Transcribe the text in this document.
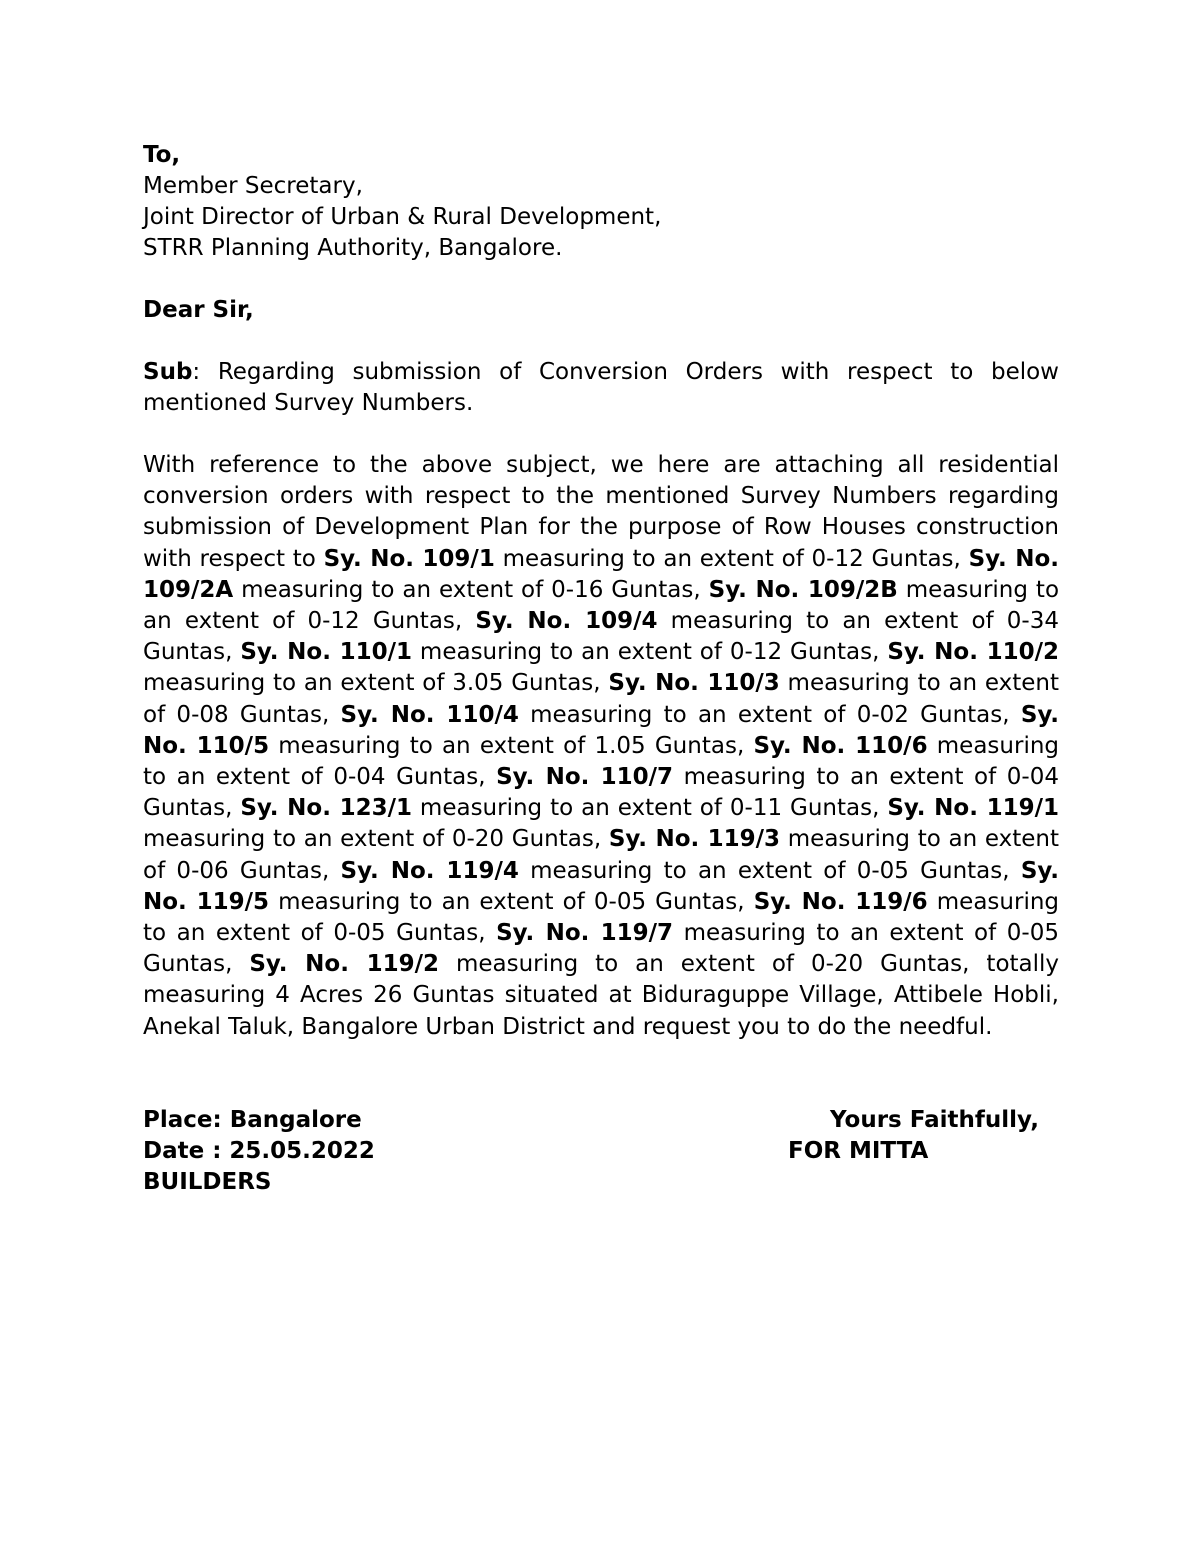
To,
Member Secretary,
Joint Director of Urban & Rural Development,
STRR Planning Authority, Bangalore.
Dear Sir,
Sub: Regarding submission of Conversion Orders with respect to below mentioned Survey Numbers.
With reference to the above subject, we here are attaching all residential conversion orders with respect to the mentioned Survey Numbers regarding submission of Development Plan for the purpose of Row Houses construction with respect to Sy. No. 109/1 measuring to an extent of 0-12 Guntas, Sy. No. 109/2A measuring to an extent of 0-16 Guntas, Sy. No. 109/2B measuring to an extent of 0-12 Guntas, Sy. No. 109/4 measuring to an extent of 0-34 Guntas, Sy. No. 110/1 measuring to an extent of 0-12 Guntas, Sy. No. 110/2 measuring to an extent of 3.05 Guntas, Sy. No. 110/3 measuring to an extent of 0-08 Guntas, Sy. No. 110/4 measuring to an extent of 0-02 Guntas, Sy. No. 110/5 measuring to an extent of 1.05 Guntas, Sy. No. 110/6 measuring to an extent of 0-04 Guntas, Sy. No. 110/7 measuring to an extent of 0-04 Guntas, Sy. No. 123/1 measuring to an extent of 0-11 Guntas, Sy. No. 119/1 measuring to an extent of 0-20 Guntas, Sy. No. 119/3 measuring to an extent of 0-06 Guntas, Sy. No. 119/4 measuring to an extent of 0-05 Guntas, Sy. No. 119/5 measuring to an extent of 0-05 Guntas, Sy. No. 119/6 measuring to an extent of 0-05 Guntas, Sy. No. 119/7 measuring to an extent of 0-05 Guntas, Sy. No. 119/2 measuring to an extent of 0-20 Guntas, totally measuring 4 Acres 26 Guntas situated at Biduraguppe Village, Attibele Hobli, Anekal Taluk, Bangalore Urban District and request you to do the needful.
Place: Bangalore	Yours Faithfully,
Date : 25.05.2022	FOR MITTA
BUILDERS
